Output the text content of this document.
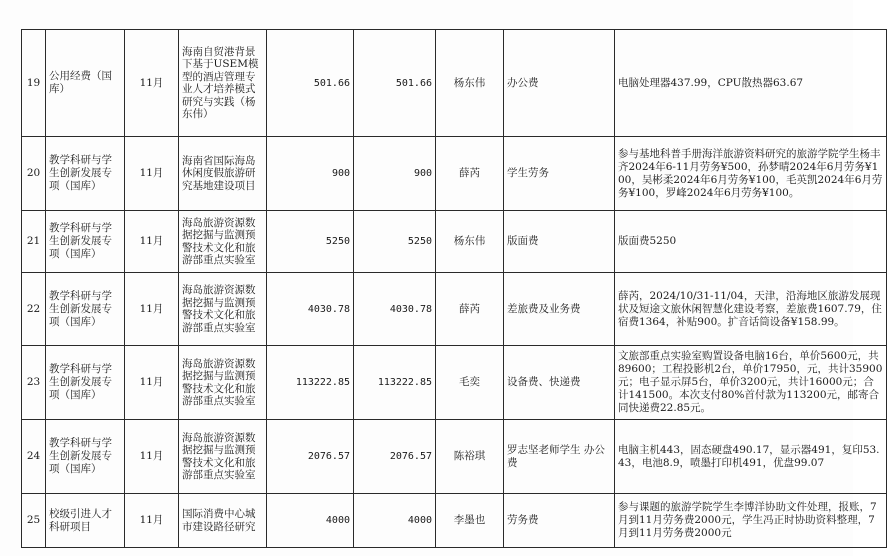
19	公用经费（国库）	11月	海南自贸港背景下基于USEM模型的酒店管理专业人才培养模式研究与实践（杨东伟）	501.66	501.66	杨东伟	办公费	电脑处理器437.99，CPU散热器63.67
20	教学科研与学生创新发展专项（国库）	11月	海南省国际海岛休闲度假旅游研究基地建设项目	900	900	薛芮	学生劳务	参与基地科普手册海洋旅游资料研究的旅游学院学生杨丰齐2024年6-11月劳务¥500，孙梦晴2024年6月劳务¥100，吴彬柔2024年6月劳务¥100，毛英凯2024年6月劳务¥100，罗峰2024年6月劳务¥100。
21	教学科研与学生创新发展专项（国库）	11月	海岛旅游资源数据挖掘与监测预警技术文化和旅游部重点实验室	5250	5250	杨东伟	版面费	版面费5250
22	教学科研与学生创新发展专项（国库）	11月	海岛旅游资源数据挖掘与监测预警技术文化和旅游部重点实验室	4030.78	4030.78	薛芮	差旅费及业务费	薛芮，2024/10/31-11/04，天津，沿海地区旅游发展现状及短途文旅休闲智慧化建设考察，差旅费1607.79，住宿费1364，补贴900。扩音话筒设备¥158.99。
23	教学科研与学生创新发展专项（国库）	11月	海岛旅游资源数据挖掘与监测预警技术文化和旅游部重点实验室	113222.85	113222.85	毛奕	设备费、快递费	文旅部重点实验室购置设备电脑16台，单价5600元，共89600；工程投影机2台，单价17950，元，共计35900元；电子显示屏5台，单价3200元，共计16000元；合计141500。本次支付80%首付款为113200元，邮寄合同快递费22.85元。
24	教学科研与学生创新发展专项（国库）	11月	海岛旅游资源数据挖掘与监测预警技术文化和旅游部重点实验室	2076.57	2076.57	陈裕琪	罗志坚老师学生 办公费	电脑主机443，固态硬盘490.17，显示器491，复印53.43，电池8.9，喷墨打印机491，优盘99.07
25	校级引进人才科研项目	11月	国际消费中心城市建设路径研究	4000	4000	李墨也	劳务费	参与课题的旅游学院学生李博洋协助文件处理，报账，7月到11月劳务费2000元，学生冯正时协助资料整理，7月到11月劳务费2000元
